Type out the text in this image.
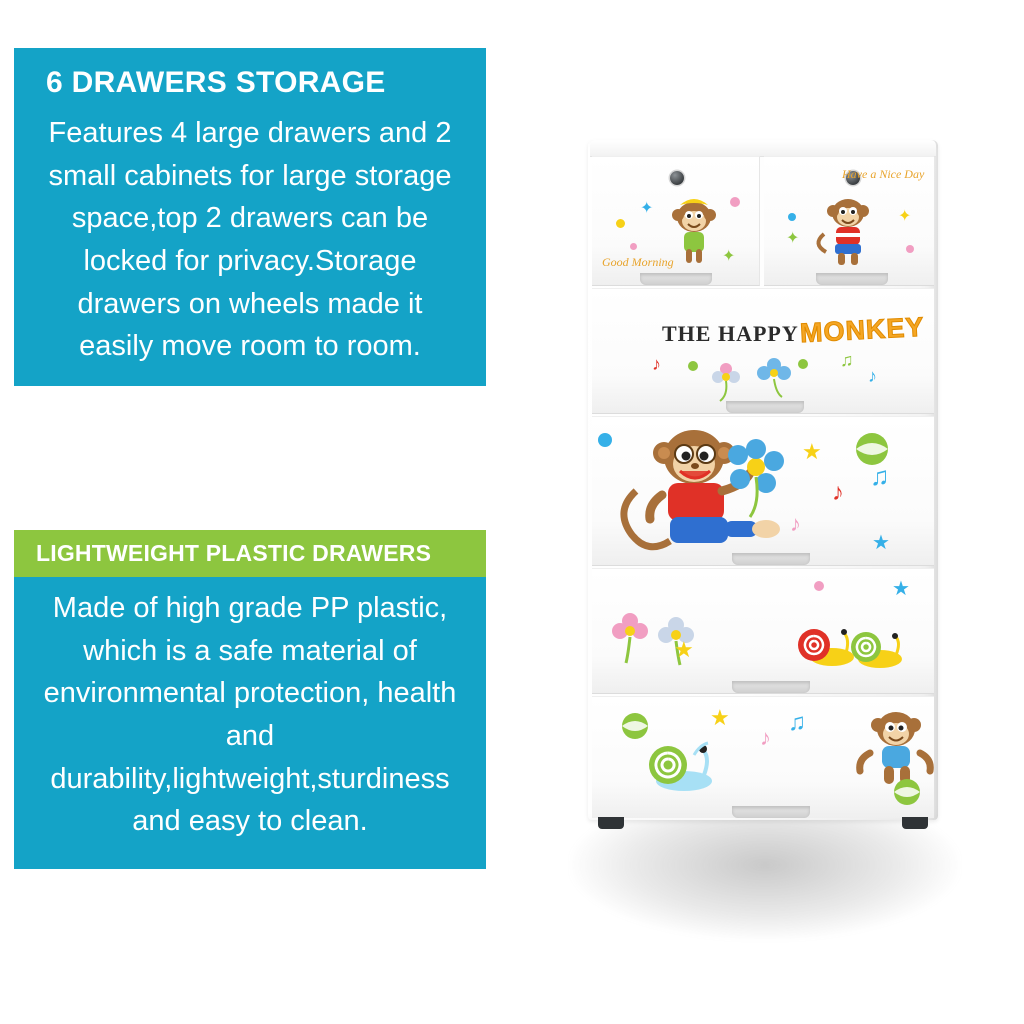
6 DRAWERS STORAGE
Features 4 large drawers and 2 small cabinets for large storage space,top 2 drawers can be locked for privacy.Storage drawers on wheels made it easily move room to room.
LIGHTWEIGHT PLASTIC DRAWERS
Made of high grade PP plastic, which is a safe material of environmental protection, health and durability,lightweight,sturdiness and easy to clean.
Good Morning
✦
✦
Have a Nice Day
✦
✦
THE HAPPY MONKEY
♪	♫
♪
★
♪
♫
♪
★
★
★
♪
♫
★
